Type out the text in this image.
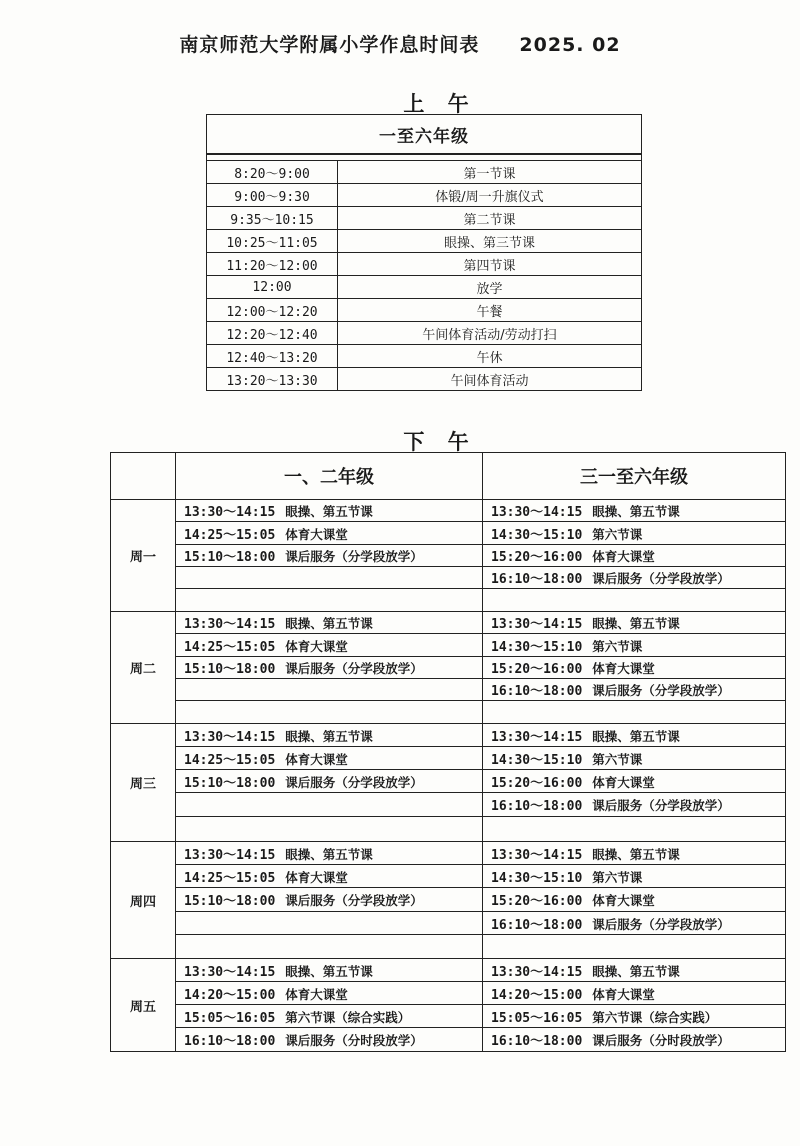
南京师范大学附属小学作息时间表 2025. 02
上 午
一至六年级	

8:20～9:00	第一节课
9:00～9:30	体锻/周一升旗仪式
9:35～10:15	第二节课
10:25～11:05	眼操、第三节课
11:20～12:00	第四节课
12:00	放学
12:00～12:20	午餐
12:20～12:40	午间体育活动/劳动打扫
12:40～13:20	午休
13:20～13:30	午间体育活动
下 午
	一、二年级	三一至六年级
周一	13:30～14:15 眼操、第五节课	13:30～14:15 眼操、第五节课
	14:25～15:05 体育大课堂	14:30～15:10 第六节课
	15:10～18:00 课后服务（分学段放学）	15:20～16:00 体育大课堂
		16:10～18:00 课后服务（分学段放学）

周二	13:30～14:15 眼操、第五节课	13:30～14:15 眼操、第五节课
	14:25～15:05 体育大课堂	14:30～15:10 第六节课
	15:10～18:00 课后服务（分学段放学）	15:20～16:00 体育大课堂
		16:10～18:00 课后服务（分学段放学）

周三	13:30～14:15 眼操、第五节课	13:30～14:15 眼操、第五节课
	14:25～15:05 体育大课堂	14:30～15:10 第六节课
	15:10～18:00 课后服务（分学段放学）	15:20～16:00 体育大课堂
		16:10～18:00 课后服务（分学段放学）

周四	13:30～14:15 眼操、第五节课	13:30～14:15 眼操、第五节课
	14:25～15:05 体育大课堂	14:30～15:10 第六节课
	15:10～18:00 课后服务（分学段放学）	15:20～16:00 体育大课堂
		16:10～18:00 课后服务（分学段放学）

周五	13:30～14:15 眼操、第五节课	13:30～14:15 眼操、第五节课
	14:20～15:00 体育大课堂	14:20～15:00 体育大课堂
	15:05～16:05 第六节课（综合实践）	15:05～16:05 第六节课（综合实践）
	16:10～18:00 课后服务（分时段放学）	16:10～18:00 课后服务（分时段放学）
